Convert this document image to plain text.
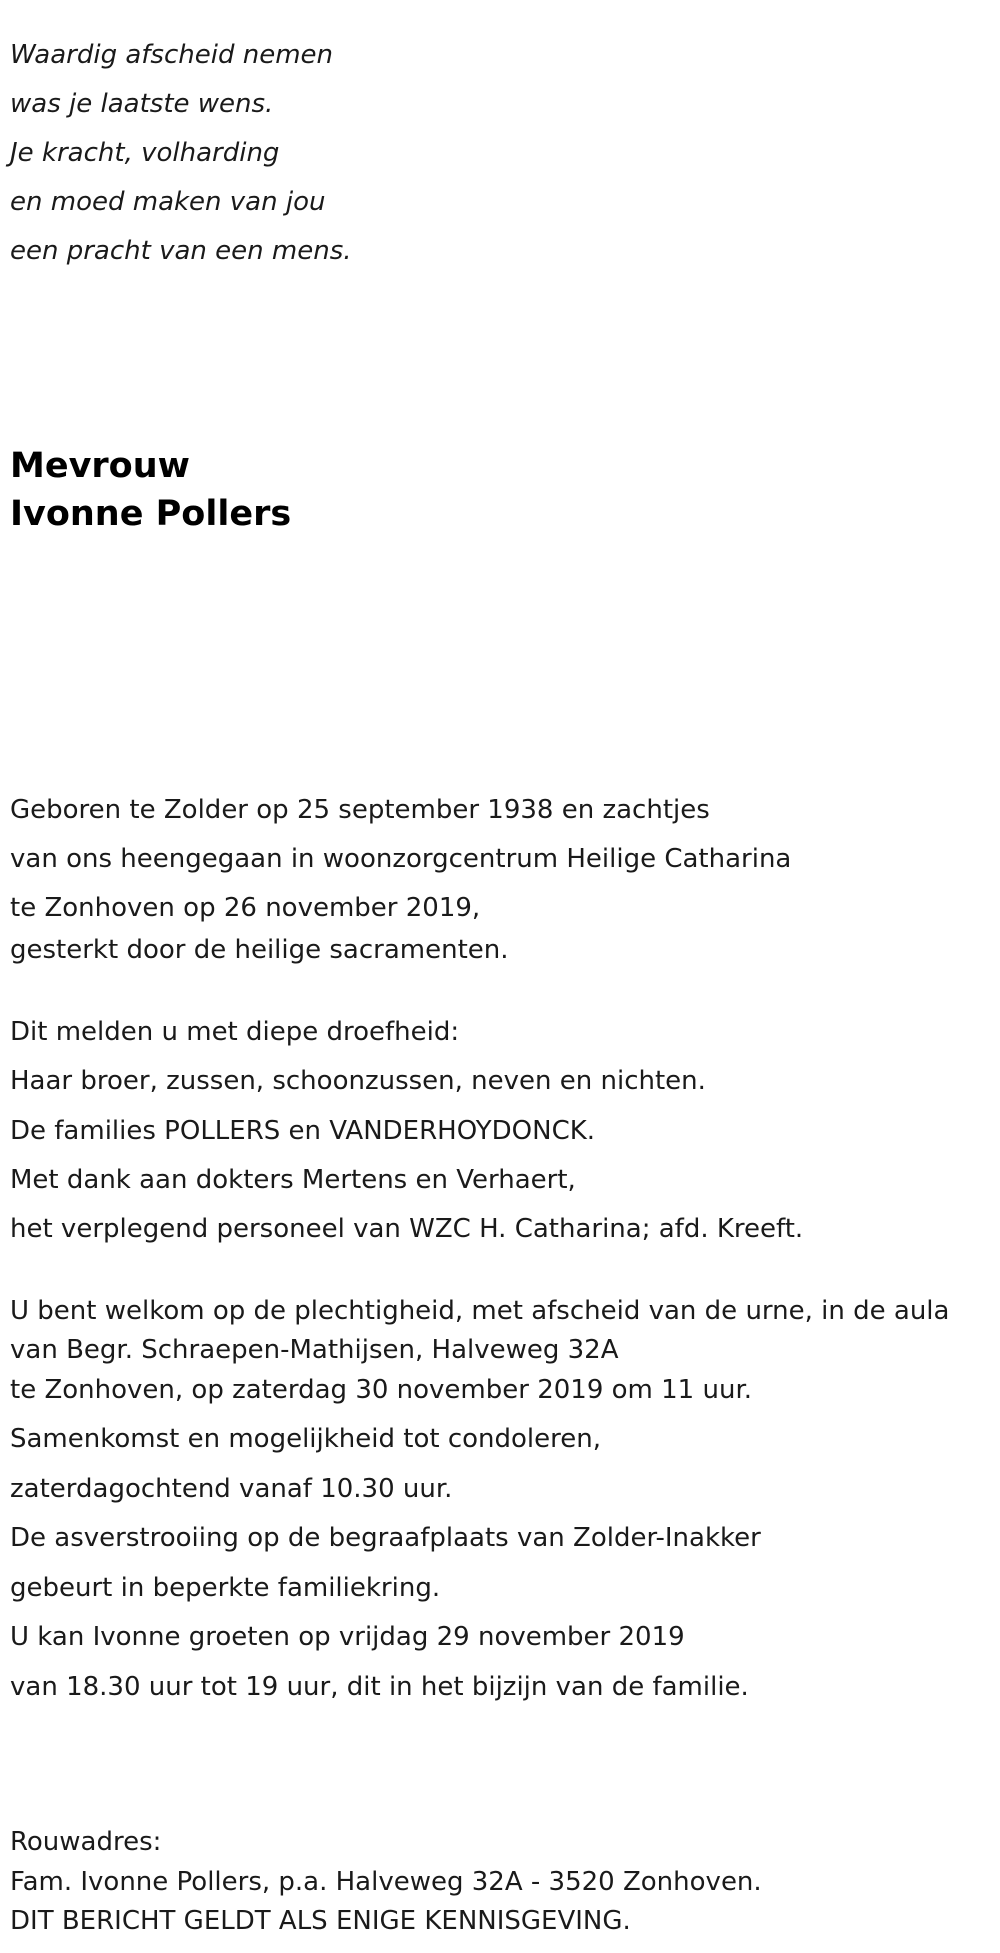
Waardig afscheid nemen
was je laatste wens.
Je kracht, volharding
en moed maken van jou
een pracht van een mens.
Mevrouw
Ivonne Pollers
Geboren te Zolder op 25 september 1938 en zachtjes
van ons heengegaan in woonzorgcentrum Heilige Catharina
te Zonhoven op 26 november 2019,
gesterkt door de heilige sacramenten.
Dit melden u met diepe droefheid:
Haar broer, zussen, schoonzussen, neven en nichten.
De families POLLERS en VANDERHOYDONCK.
Met dank aan dokters Mertens en Verhaert,
het verplegend personeel van WZC H. Catharina; afd. Kreeft.
U bent welkom op de plechtigheid, met afscheid van de urne, in de aula
van Begr. Schraepen-Mathijsen, Halveweg 32A
te Zonhoven, op zaterdag 30 november 2019 om 11 uur.
Samenkomst en mogelijkheid tot condoleren,
zaterdagochtend vanaf 10.30 uur.
De asverstrooiing op de begraafplaats van Zolder-Inakker
gebeurt in beperkte familiekring.
U kan Ivonne groeten op vrijdag 29 november 2019
van 18.30 uur tot 19 uur, dit in het bijzijn van de familie.
Rouwadres:
Fam. Ivonne Pollers, p.a. Halveweg 32A - 3520 Zonhoven.
DIT BERICHT GELDT ALS ENIGE KENNISGEVING.
